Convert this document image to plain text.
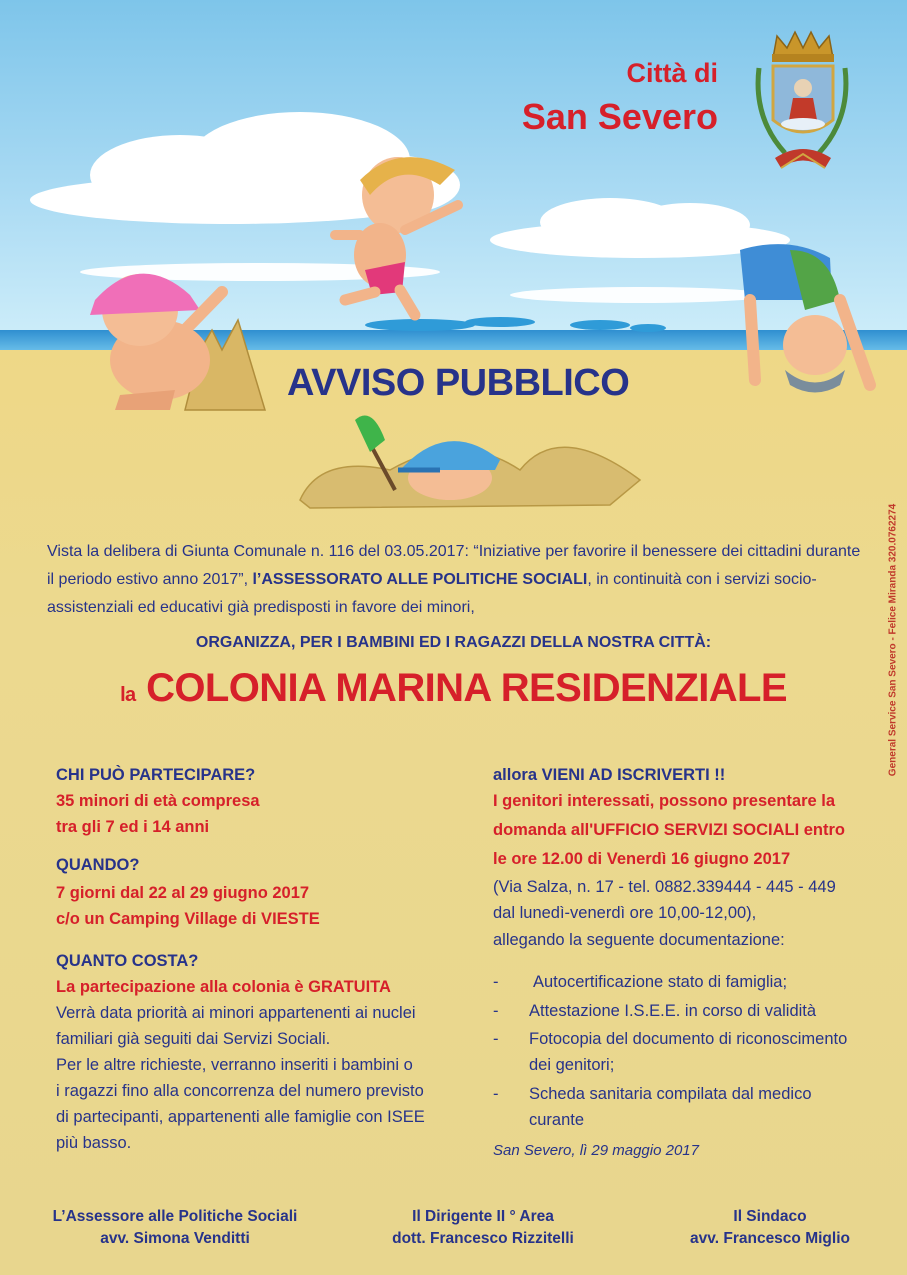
Città di

San Severo

AVVISO PUBBLICO

General Service San Severo - Felice Miranda 320.0762274
Vista la delibera di Giunta Comunale n. 116 del 03.05.2017: “Iniziative per favorire il benessere dei cittadini durante il periodo estivo anno 2017”, l’ASSESSORATO ALLE POLITICHE SOCIALI, in continuità con i servizi socio-assistenziali ed educativi già predisposti in favore dei minori,

ORGANIZZA, PER I BAMBINI ED I RAGAZZI DELLA NOSTRA CITTÀ:

la COLONIA MARINA RESIDENZIALE

CHI PUÒ PARTECIPARE?

35 minori di età compresa

tra gli 7 ed i 14 anni

QUANDO?

7 giorni dal 22 al 29 giugno 2017

c/o un Camping Village di VIESTE

QUANTO COSTA?

La partecipazione alla colonia è GRATUITA

Verrà data priorità ai minori appartenenti ai nuclei

familiari già seguiti dai Servizi Sociali.

Per le altre richieste, verranno inseriti i bambini o

i ragazzi fino alla concorrenza del numero previsto

di partecipanti, appartenenti alle famiglie con ISEE

più basso.

allora VIENI AD ISCRIVERTI !!

I genitori interessati, possono presentare la

domanda all'UFFICIO SERVIZI SOCIALI entro

le ore 12.00 di Venerdì 16 giugno 2017

(Via Salza, n. 17 - tel. 0882.339444 - 445 - 449

dal lunedì-venerdì ore 10,00-12,00),

allegando la seguente documentazione:

- Autocertificazione stato di famiglia;
- Attestazione I.S.E.E. in corso di validità
- Fotocopia del documento di riconoscimento dei genitori;
- Scheda sanitaria compilata dal medico curante

San Severo, lì 29 maggio 2017

L’Assessore alle Politiche Sociali
avv. Simona Venditti
Il Dirigente II ° Area
dott. Francesco Rizzitelli
Il Sindaco
avv. Francesco Miglio
